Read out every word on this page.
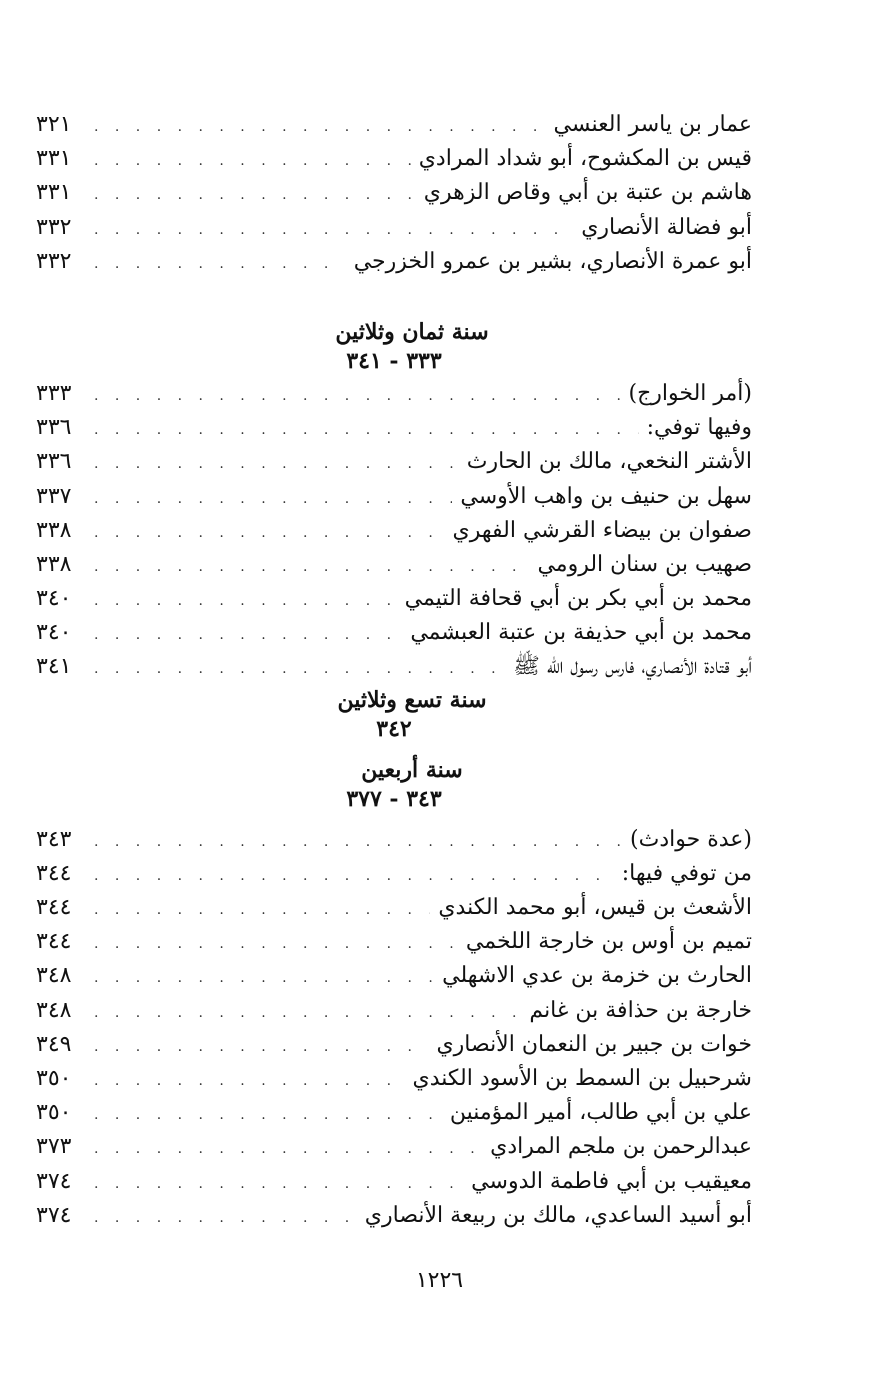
عمار بن ياسر العنسي
. . .
٣٢١
قيس بن المكشوح، أبو شداد المرادي
. . .
٣٣١
هاشم بن عتبة بن أبي وقاص الزهري
. . .
٣٣١
أبو فضالة الأنصاري
. . .
٣٣٢
أبو عمرة الأنصاري، بشير بن عمرو الخزرجي
. . .
٣٣٢
سنة ثمان وثلاثين
٣٣٣ - ٣٤١
(أمر الخوارج)
. . .
٣٣٣
وفيها توفي:
. . .
٣٣٦
الأشتر النخعي، مالك بن الحارث
. . .
٣٣٦
سهل بن حنيف بن واهب الأوسي
. . .
٣٣٧
صفوان بن بيضاء القرشي الفهري
. . .
٣٣٨
صهيب بن سنان الرومي
. . .
٣٣٨
محمد بن أبي بكر بن أبي قحافة التيمي
. . .
٣٤٠
محمد بن أبي حذيفة بن عتبة العبشمي
. . .
٣٤٠
أبو قتادة الأنصاري، فارس رسول الله ﷺ
. . .
٣٤١
سنة تسع وثلاثين
٣٤٢
سنة أربعين
٣٤٣ - ٣٧٧
(عدة حوادث)
. . .
٣٤٣
من توفي فيها:
. . .
٣٤٤
الأشعث بن قيس، أبو محمد الكندي
. . .
٣٤٤
تميم بن أوس بن خارجة اللخمي
. . .
٣٤٤
الحارث بن خزمة بن عدي الاشهلي
. . .
٣٤٨
خارجة بن حذافة بن غانم
. . .
٣٤٨
خوات بن جبير بن النعمان الأنصاري
. . .
٣٤٩
شرحبيل بن السمط بن الأسود الكندي
. . .
٣٥٠
علي بن أبي طالب، أمير المؤمنين
. . .
٣٥٠
عبدالرحمن بن ملجم المرادي
. . .
٣٧٣
معيقيب بن أبي فاطمة الدوسي
. . .
٣٧٤
أبو أسيد الساعدي، مالك بن ربيعة الأنصاري
. . .
٣٧٤
١٢٢٦
